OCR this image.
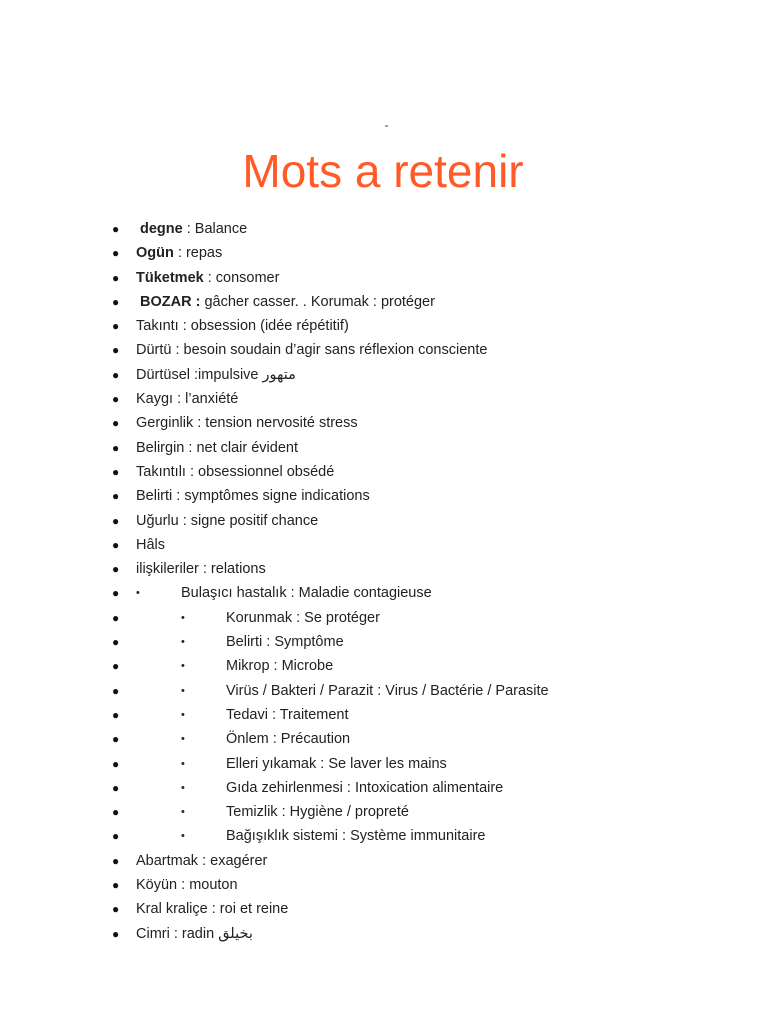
-
Mots a retenir
● degne : Balance
● Ogün : repas
● Tüketmek : consomer
● BOZAR : gâcher casser. . Korumak : protéger
● Takıntı : obsession (idée répétitif)
● Dürtü : besoin soudain d’agir sans réflexion consciente
● Dürtüsel :impulsive متهور
● Kaygı : l’anxiété
● Gerginlik : tension nervosité stress
● Belirgin : net clair évident
● Takıntılı : obsessionnel obsédé
● Belirti : symptômes signe indications
● Uğurlu : signe positif chance
● Hâls
● ilişkileriler : relations
● •	Bulaşıcı hastalık : Maladie contagieuse
●	•	Korunmak : Se protéger
●	•	Belirti : Symptôme
●	•	Mikrop : Microbe
●	•	Virüs / Bakteri / Parazit : Virus / Bactérie / Parasite
●	•	Tedavi : Traitement
●	•	Önlem : Précaution
●	•	Elleri yıkamak : Se laver les mains
●	•	Gıda zehirlenmesi : Intoxication alimentaire
●	•	Temizlik : Hygiène / propreté
●	•	Bağışıklık sistemi : Système immunitaire
● Abartmak : exagérer
● Köyün : mouton
● Kral kraliçe : roi et reine
● Cimri : radin بخيلق
